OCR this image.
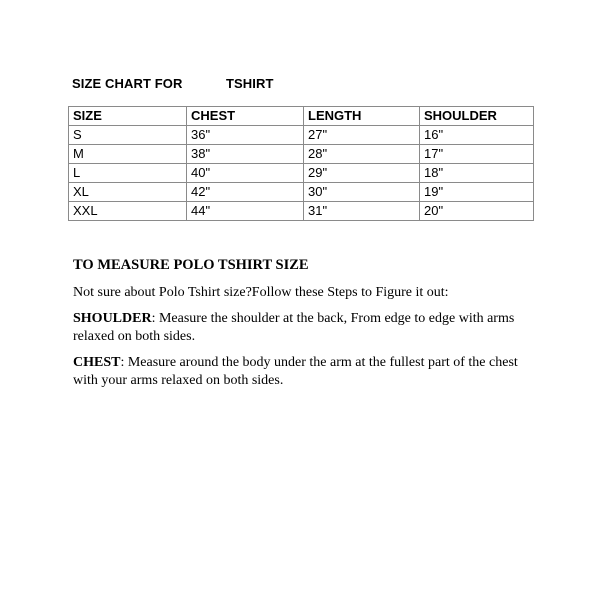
SIZE CHART FOR	TSHIRT
SIZE	CHEST	LENGTH	SHOULDER
S	36"	27"	16"
M	38"	28"	17"
L	40"	29"	18"
XL	42"	30"	19"
XXL	44"	31"	20"
TO MEASURE POLO TSHIRT SIZE

Not sure about Polo Tshirt size?Follow these Steps to Figure it out:

SHOULDER: Measure the shoulder at the back, From edge to edge with arms relaxed on both sides.

CHEST: Measure around the body under the arm at the fullest part of the chest with your arms relaxed on both sides.
